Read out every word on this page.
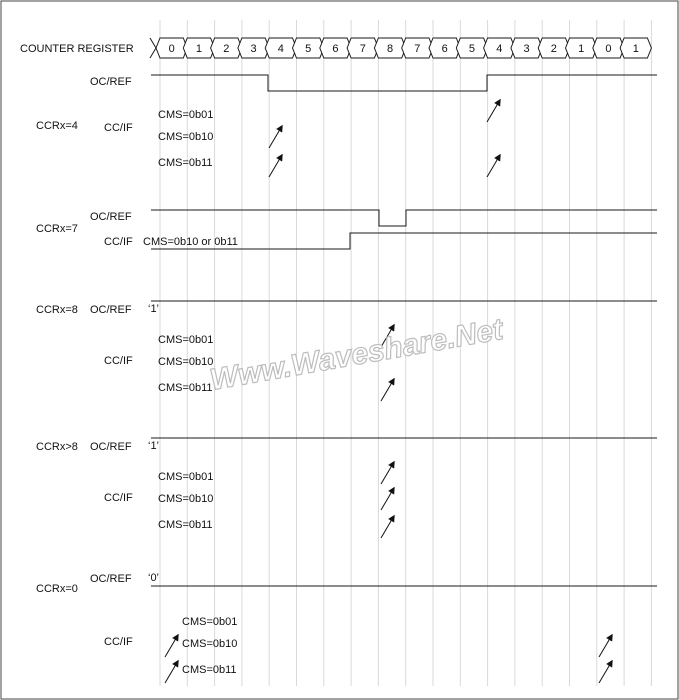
COUNTER REGISTER	0 1 2 3 4 5 6 7 8 7 6 5 4 3 2 1 0 1
CCRx=4
OC/REF
CC/IF
CMS=0b01
CMS=0b10
CMS=0b11
CCRx=7
OC/REF
CC/IF CMS=0b10 or 0b11
CCRx=8 OC/REF ‘1’
CC/IF
CMS=0b01
CMS=0b10
CMS=0b11
CCRx>8 OC/REF ‘1’
CC/IF
CMS=0b01
CMS=0b10
CMS=0b11
CCRx=0
OC/REF ‘0’
CC/IF
CMS=0b01
CMS=0b10
CMS=0b11
Www.Waveshare.Net
